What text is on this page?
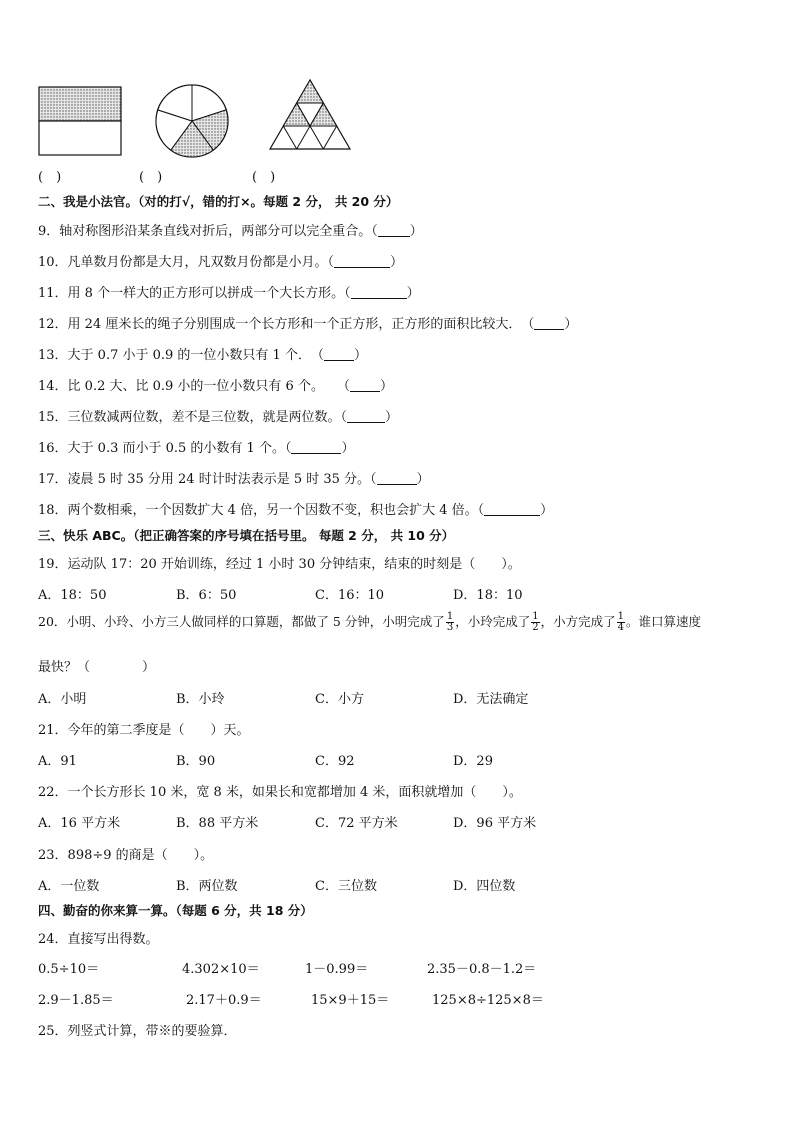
(　)	(　)	(　)
二、我是小法官。（对的打√，错的打×。每题 2 分， 共 20 分）
9．轴对称图形沿某条直线对折后，两部分可以完全重合。（ ）
10．凡单数月份都是大月，凡双数月份都是小月。（	）
11．用 8 个一样大的正方形可以拼成一个大长方形。（	）
12．用 24 厘米长的绳子分别围成一个长方形和一个正方形，正方形的面积比较大．　（ ）
13．大于 0.7 小于 0.9 的一位小数只有 1 个．　（ ）
14．比 0.2 大、比 0.9 小的一位小数只有 6 个。　　（ ）
15．三位数减两位数，差不是三位数，就是两位数。（	）
16．大于 0.3 而小于 0.5 的小数有 1 个。（	）
17．凌晨 5 时 35 分用 24 时计时法表示是 5 时 35 分。（	）
18．两个数相乘，一个因数扩大 4 倍，另一个因数不变，积也会扩大 4 倍。（	）
三、快乐 ABC。（把正确答案的序号填在括号里。 每题 2 分， 共 10 分）
19．运动队 17：20 开始训练，经过 1 小时 30 分钟结束，结束的时刻是（　　）。
A．18：50	B．6：50	C．16：10	D．18：10
20．小明、小玲、小方三人做同样的口算题，都做了 5 分钟，小明完成了 $\frac{1}{3}$ ，小玲完成了 $\frac{1}{2}$ ，小方完成了 $\frac{1}{4}$ 。谁口算速度
最快？（　　　　）
A．小明	B．小玲	C．小方	D．无法确定
21．今年的第二季度是（　　）天。
A．91	B．90	C．92	D．29
22．一个长方形长 10 米，宽 8 米，如果长和宽都增加 4 米，面积就增加（　　）。
A．16 平方米	B．88 平方米	C．72 平方米	D．96 平方米
23．898÷9 的商是（　　）。
A．一位数	B．两位数	C．三位数	D．四位数
四、勤奋的你来算一算。（每题 6 分，共 18 分）
24．直接写出得数。
0.5÷10＝	4.302×10＝	1－0.99＝	2.35－0.8－1.2＝
2.9－1.85＝	2.17＋0.9＝	15×9＋15＝	125×8÷125×8＝
25．列竖式计算，带※的要验算．
